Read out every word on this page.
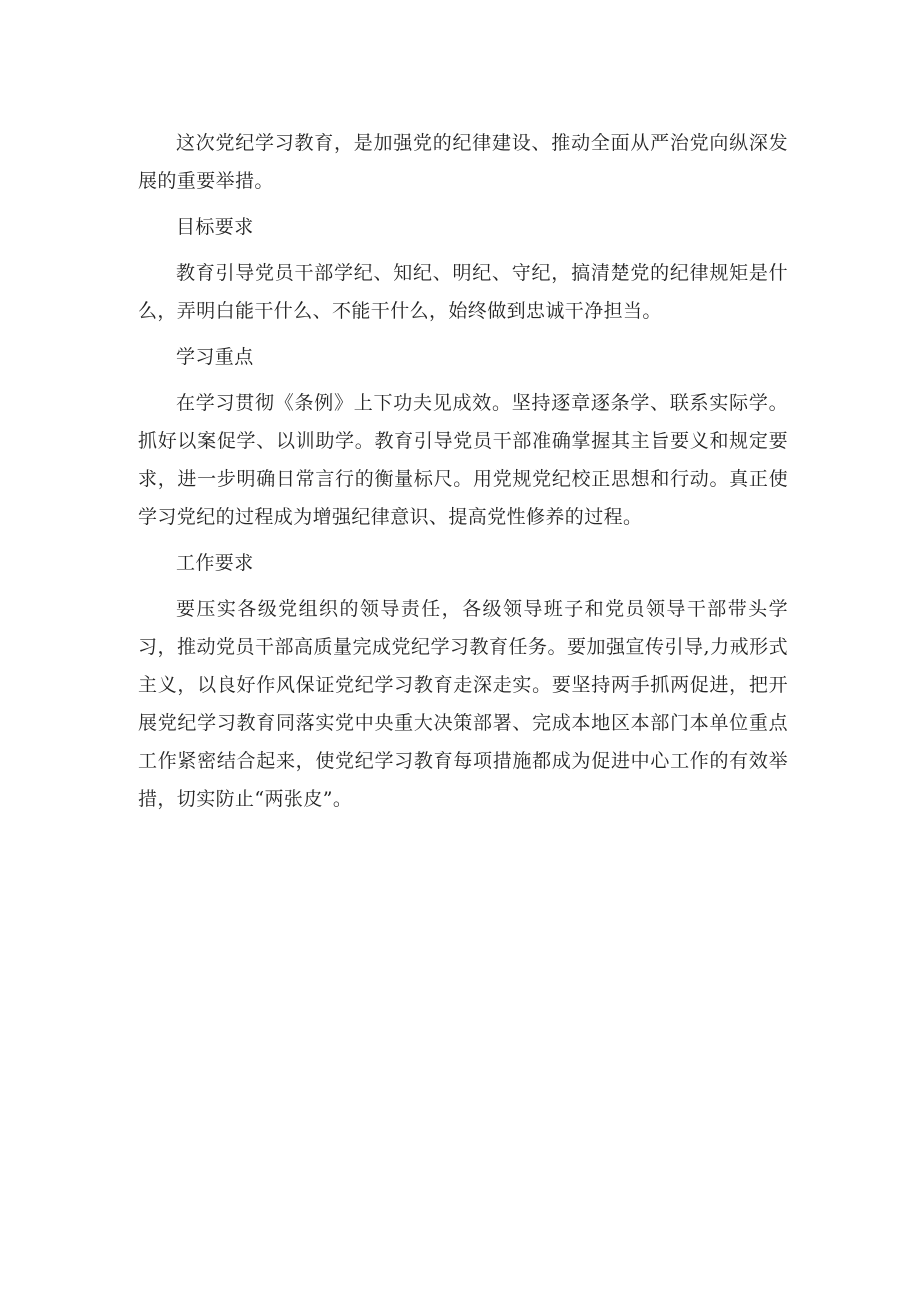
这次党纪学习教育，是加强党的纪律建设、推动全面从严治党向纵深发展的重要举措。

目标要求

教育引导党员干部学纪、知纪、明纪、守纪，搞清楚党的纪律规矩是什么，弄明白能干什么、不能干什么，始终做到忠诚干净担当。

学习重点

在学习贯彻《条例》上下功夫见成效。坚持逐章逐条学、联系实际学。抓好以案促学、以训助学。教育引导党员干部准确掌握其主旨要义和规定要求，进一步明确日常言行的衡量标尺。用党规党纪校正思想和行动。真正使学习党纪的过程成为增强纪律意识、提高党性修养的过程。

工作要求

要压实各级党组织的领导责任，各级领导班子和党员领导干部带头学习，推动党员干部高质量完成党纪学习教育任务。要加强宣传引导,力戒形式主义，以良好作风保证党纪学习教育走深走实。要坚持两手抓两促进，把开展党纪学习教育同落实党中央重大决策部署、完成本地区本部门本单位重点工作紧密结合起来，使党纪学习教育每项措施都成为促进中心工作的有效举措，切实防止“两张皮”。
